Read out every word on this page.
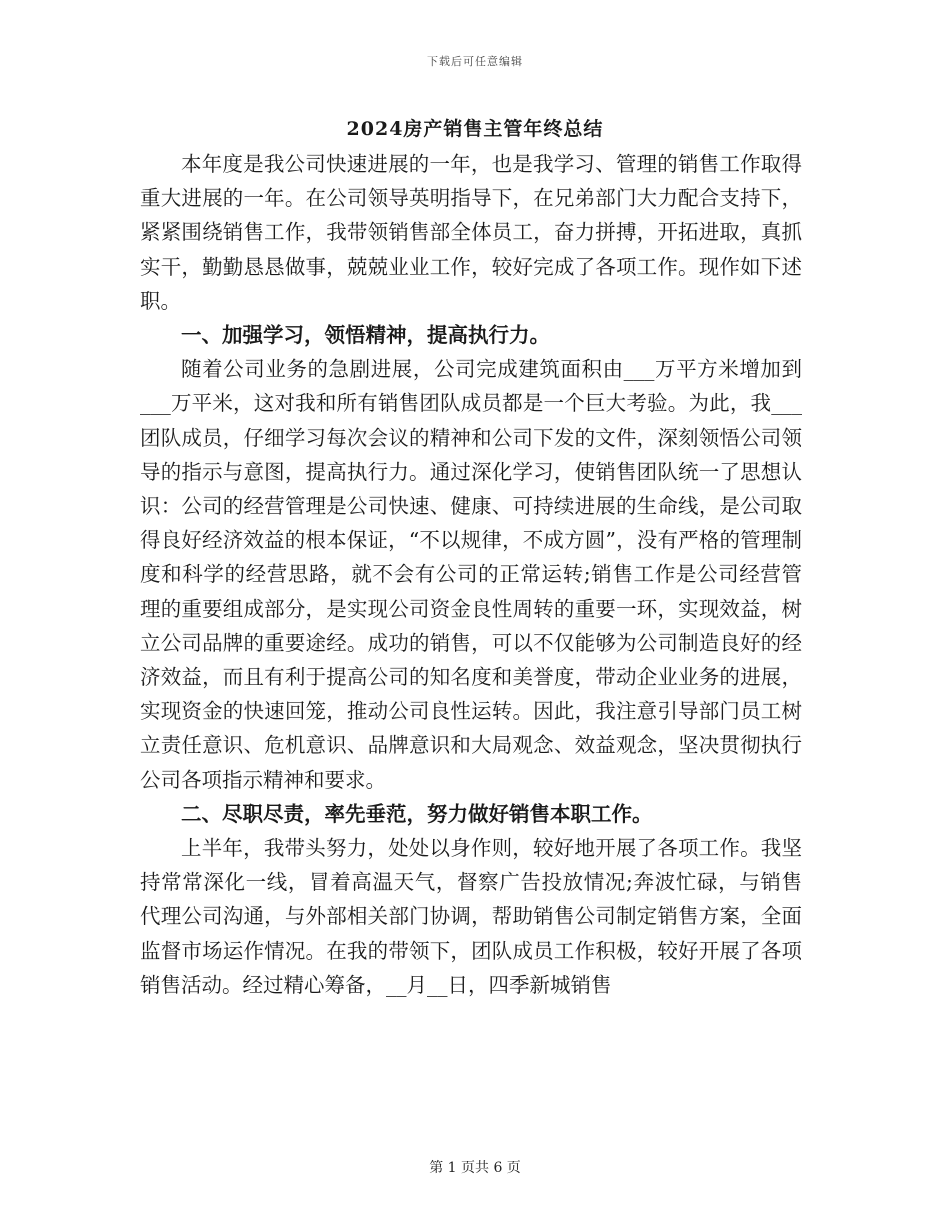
下载后可任意编辑
2024房产销售主管年终总结

本年度是我公司快速进展的一年，也是我学习、管理的销售工作取得重大进展的一年。在公司领导英明指导下，在兄弟部门大力配合支持下，紧紧围绕销售工作，我带领销售部全体员工，奋力拼搏，开拓进取，真抓实干，勤勤恳恳做事，兢兢业业工作，较好完成了各项工作。现作如下述职。

一、加强学习，领悟精神，提高执行力。

随着公司业务的急剧进展，公司完成建筑面积由___万平方米增加到___万平米，这对我和所有销售团队成员都是一个巨大考验。为此，我___团队成员，仔细学习每次会议的精神和公司下发的文件，深刻领悟公司领导的指示与意图，提高执行力。通过深化学习，使销售团队统一了思想认识：公司的经营管理是公司快速、健康、可持续进展的生命线，是公司取得良好经济效益的根本保证，“不以规律，不成方圆”，没有严格的管理制度和科学的经营思路，就不会有公司的正常运转;销售工作是公司经营管理的重要组成部分，是实现公司资金良性周转的重要一环，实现效益，树立公司品牌的重要途经。成功的销售，可以不仅能够为公司制造良好的经济效益，而且有利于提高公司的知名度和美誉度，带动企业业务的进展，实现资金的快速回笼，推动公司良性运转。因此，我注意引导部门员工树立责任意识、危机意识、品牌意识和大局观念、效益观念，坚决贯彻执行公司各项指示精神和要求。

二、尽职尽责，率先垂范，努力做好销售本职工作。

上半年，我带头努力，处处以身作则，较好地开展了各项工作。我坚持常常深化一线，冒着高温天气，督察广告投放情况;奔波忙碌，与销售代理公司沟通，与外部相关部门协调，帮助销售公司制定销售方案，全面监督市场运作情况。在我的带领下，团队成员工作积极，较好开展了各项销售活动。经过精心筹备，__月__日，四季新城销售

第 1 页共 6 页
